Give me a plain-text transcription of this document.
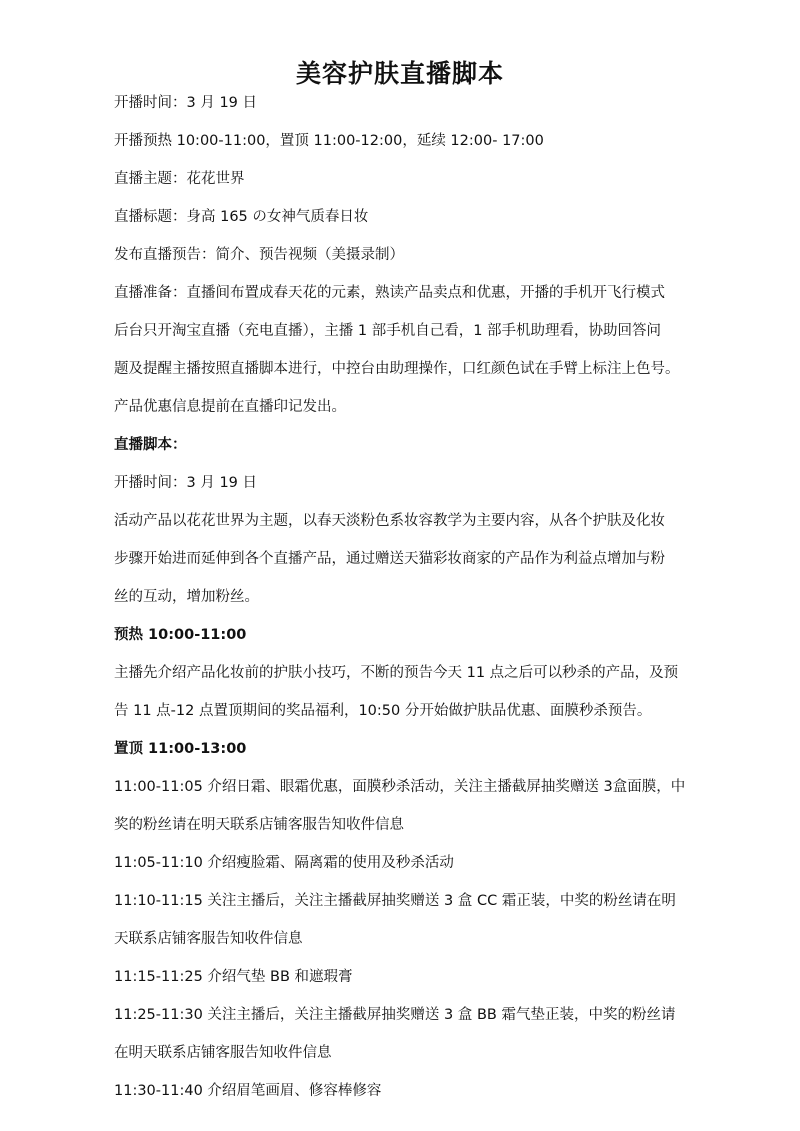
美容护肤直播脚本
开播时间：3 月 19 日
开播预热 10:00-11:00，置顶 11:00-12:00，延续 12:00- 17:00
直播主题：花花世界
直播标题：身高 165 の女神气质春日妆
发布直播预告：简介、预告视频（美摄录制）
直播准备：直播间布置成春天花的元素，熟读产品卖点和优惠，开播的手机开飞行模式
后台只开淘宝直播（充电直播），主播 1 部手机自己看，1 部手机助理看，协助回答问
题及提醒主播按照直播脚本进行，中控台由助理操作，口红颜色试在手臂上标注上色号。
产品优惠信息提前在直播印记发出。
直播脚本：
开播时间：3 月 19 日
活动产品以花花世界为主题，以春天淡粉色系妆容教学为主要内容，从各个护肤及化妆
步骤开始进而延伸到各个直播产品，通过赠送天猫彩妆商家的产品作为利益点增加与粉
丝的互动，增加粉丝。
预热 10:00-11:00
主播先介绍产品化妆前的护肤小技巧，不断的预告今天 11 点之后可以秒杀的产品，及预
告 11 点-12 点置顶期间的奖品福利，10:50 分开始做护肤品优惠、面膜秒杀预告。
置顶 11:00-13:00
11:00-11:05 介绍日霜、眼霜优惠，面膜秒杀活动，关注主播截屏抽奖赠送 3盒面膜，中
奖的粉丝请在明天联系店铺客服告知收件信息
11:05-11:10 介绍瘦脸霜、隔离霜的使用及秒杀活动
11:10-11:15 关注主播后，关注主播截屏抽奖赠送 3 盒 CC 霜正装，中奖的粉丝请在明
天联系店铺客服告知收件信息
11:15-11:25 介绍气垫 BB 和遮瑕膏
11:25-11:30 关注主播后，关注主播截屏抽奖赠送 3 盒 BB 霜气垫正装，中奖的粉丝请
在明天联系店铺客服告知收件信息
11:30-11:40 介绍眉笔画眉、修容棒修容
